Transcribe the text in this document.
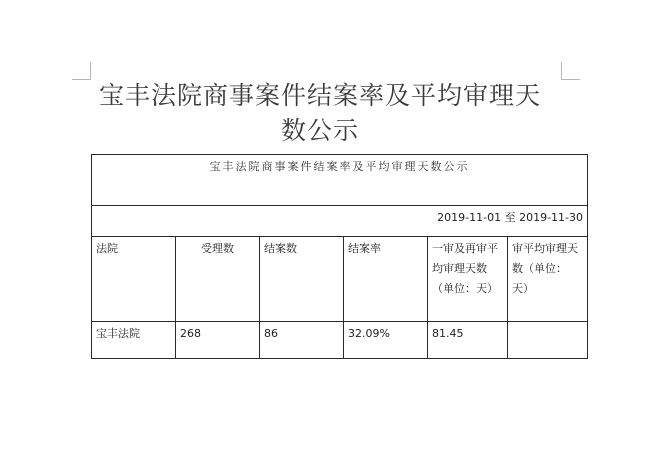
宝丰法院商事案件结案率及平均审理天数公示
宝丰法院商事案件结案率及平均审理天数公示					
2019-11-01 至 2019-11-30					
法院	受理数	结案数	结案率	一审及再审平均审理天数（单位：天）	审平均审理天数（单位：天）
宝丰法院	268	86	32.09%	81.45	
